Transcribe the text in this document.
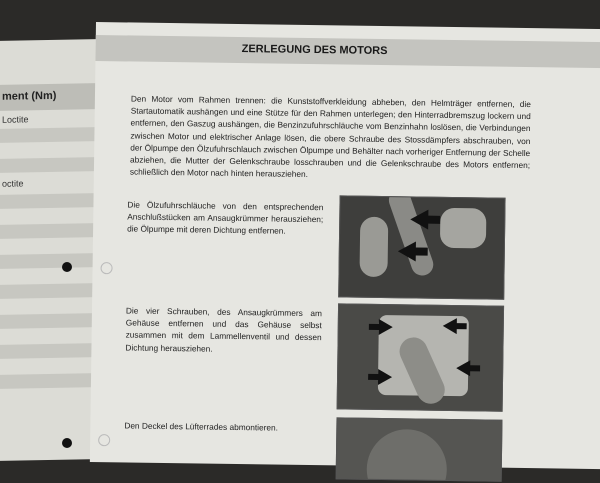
ment (Nm)
Loctite
octite
ZERLEGUNG DES MOTORS
Den Motor vom Rahmen trennen: die Kunststoffverkleidung abheben, den Helmträger entfernen, die Startautomatik aushängen und eine Stütze für den Rahmen unterlegen; den Hinterradbremszug lockern und entfernen, den Gaszug aushängen, die Benzinzufuhrschläuche vom Benzinhahn loslösen, die Verbindungen zwischen Motor und elektrischer Anlage lösen, die obere Schraube des Stossdämpfers abschrauben, von der Ölpumpe den Ölzufuhrschlauch zwischen Ölpumpe und Behälter nach vorheriger Entfernung der Schelle abziehen, die Mutter der Gelenkschraube losschrauben und die Gelenkschraube des Motors entfernen; schließlich den Motor nach hinten herausziehen.
Die Ölzufuhrschläuche von den entsprechenden Anschlußstücken am Ansaugkrümmer herausziehen; die Ölpumpe mit deren Dichtung entfernen.
Die vier Schrauben, des Ansaugkrümmers am Gehäuse entfernen und das Gehäuse selbst zusammen mit dem Lammellenventil und dessen Dichtung herausziehen.
Den Deckel des Lüfterrades abmontieren.
